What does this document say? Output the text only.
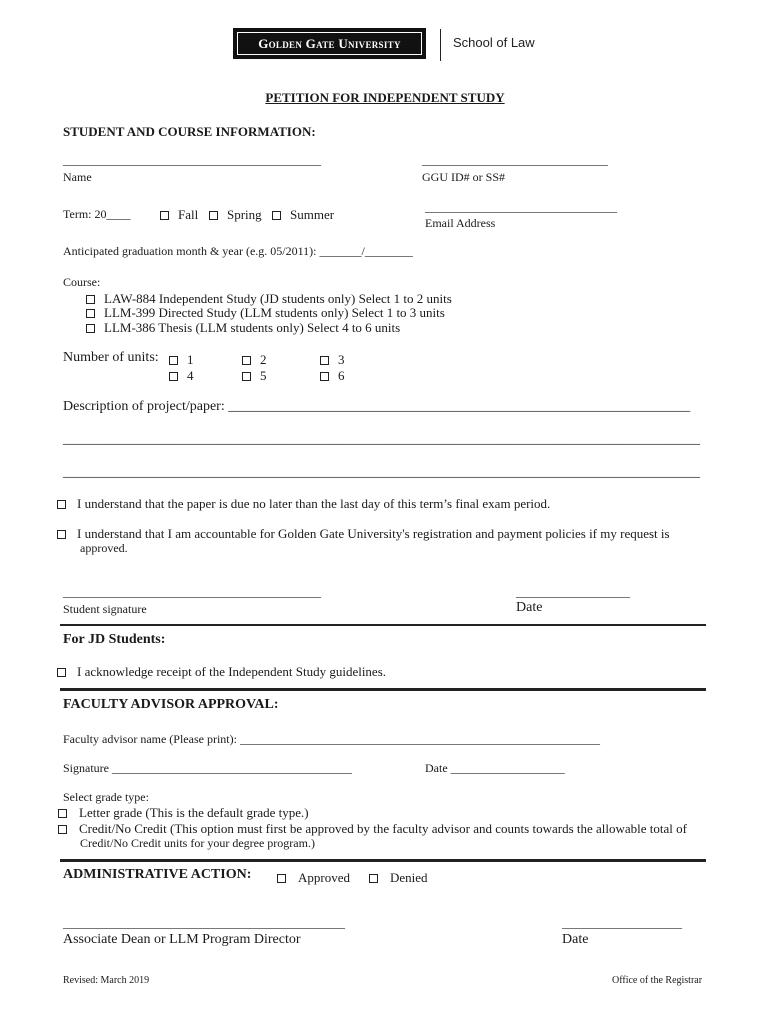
Golden Gate University	School of Law
PETITION FOR INDEPENDENT STUDY
STUDENT AND COURSE INFORMATION:
___________________________________________
Name
_______________________________
GGU ID# or SS#
Term: 20____	Fall	Spring	Summer	________________________________
Email Address
Anticipated graduation month & year (e.g. 05/2011): _______/________
Course:
LAW-884 Independent Study (JD students only) Select 1 to 2 units
LLM-399 Directed Study (LLM students only) Select 1 to 3 units
LLM-386 Thesis (LLM students only) Select 4 to 6 units
Number of units:	1	2	3
4	5	6
Description of project/paper: __________________________________________________________________
___________________________________________________________________________________________
___________________________________________________________________________________________
I understand that the paper is due no later than the last day of this term’s final exam period.
I understand that I am accountable for Golden Gate University's registration and payment policies if my request is
approved.
___________________________________________
Student signature
___________________
Date
For JD Students:
I acknowledge receipt of the Independent Study guidelines.
FACULTY ADVISOR APPROVAL:
Faculty advisor name (Please print): ____________________________________________________________
Signature ________________________________________	Date ___________________
Select grade type:
Letter grade (This is the default grade type.)
Credit/No Credit (This option must first be approved by the faculty advisor and counts towards the allowable total of
Credit/No Credit units for your degree program.)
ADMINISTRATIVE ACTION:	Approved	Denied
_______________________________________________
Associate Dean or LLM Program Director
____________________
Date
Revised: March 2019	Office of the Registrar
